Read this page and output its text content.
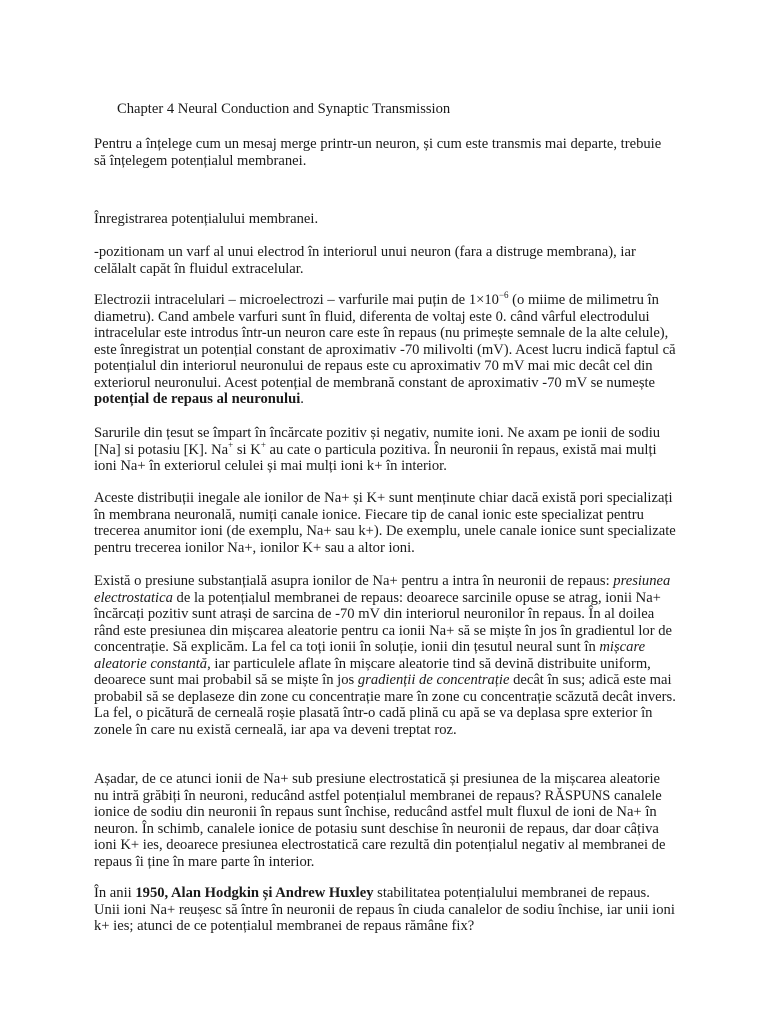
Chapter 4 Neural Conduction and Synaptic Transmission

Pentru a înțelege cum un mesaj merge printr-un neuron, și cum este transmis mai departe, trebuie să înțelegem potențialul membranei.

Înregistrarea potențialului membranei.

-pozitionam un varf al unui electrod în interiorul unui neuron (fara a distruge membrana), iar celălalt capăt în fluidul extracelular.

Electrozii intracelulari – microelectrozi – varfurile mai puțin de $1\times 10^{-6}$ (o miime de milimetru în diametru). Cand ambele varfuri sunt în fluid, diferenta de voltaj este 0. când vârful electrodului intracelular este introdus într-un neuron care este în repaus (nu primește semnale de la alte celule), este înregistrat un potențial constant de aproximativ -70 milivolti (mV). Acest lucru indică faptul că potențialul din interiorul neuronului de repaus este cu aproximativ 70 mV mai mic decât cel din exteriorul neuronului. Acest potențial de membrană constant de aproximativ -70 mV se numește potențial de repaus al neuronului.

Sarurile din țesut se împart în încărcate pozitiv și negativ, numite ioni. Ne axam pe ionii de sodiu [Na] si potasiu [K]. Na+ si K+ au cate o particula pozitiva. În neuronii în repaus, există mai mulți ioni Na+ în exteriorul celulei și mai mulți ioni k+ în interior.

Aceste distribuții inegale ale ionilor de Na+ și K+ sunt menținute chiar dacă există pori specializați în membrana neuronală, numiți canale ionice. Fiecare tip de canal ionic este specializat pentru trecerea anumitor ioni (de exemplu, Na+ sau k+). De exemplu, unele canale ionice sunt specializate pentru trecerea ionilor Na+, ionilor K+ sau a altor ioni.

Există o presiune substanțială asupra ionilor de Na+ pentru a intra în neuronii de repaus: presiunea electrostatica de la potențialul membranei de repaus: deoarece sarcinile opuse se atrag, ionii Na+ încărcați pozitiv sunt atrași de sarcina de -70 mV din interiorul neuronilor în repaus. În al doilea rând este presiunea din mișcarea aleatorie pentru ca ionii Na+ să se miște în jos în gradientul lor de concentrație. Să explicăm. La fel ca toți ionii în soluție, ionii din țesutul neural sunt în mișcare aleatorie constantă, iar particulele aflate în mișcare aleatorie tind să devină distribuite uniform, deoarece sunt mai probabil să se miște în jos gradienții de concentrație decât în sus; adică este mai probabil să se deplaseze din zone cu concentrație mare în zone cu concentrație scăzută decât invers. La fel, o picătură de cerneală roșie plasată într-o cadă plină cu apă se va deplasa spre exterior în zonele în care nu există cerneală, iar apa va deveni treptat roz.

Așadar, de ce atunci ionii de Na+ sub presiune electrostatică și presiunea de la mișcarea aleatorie nu intră grăbiți în neuroni, reducând astfel potențialul membranei de repaus? RĂSPUNS canalele ionice de sodiu din neuronii în repaus sunt închise, reducând astfel mult fluxul de ioni de Na+ în neuron. În schimb, canalele ionice de potasiu sunt deschise în neuronii de repaus, dar doar câțiva ioni K+ ies, deoarece presiunea electrostatică care rezultă din potențialul negativ al membranei de repaus îi ține în mare parte în interior.

În anii 1950, Alan Hodgkin și Andrew Huxley stabilitatea potențialului membranei de repaus. Unii ioni Na+ reușesc să între în neuronii de repaus în ciuda canalelor de sodiu închise, iar unii ioni k+ ies; atunci de ce potențialul membranei de repaus rămâne fix?
